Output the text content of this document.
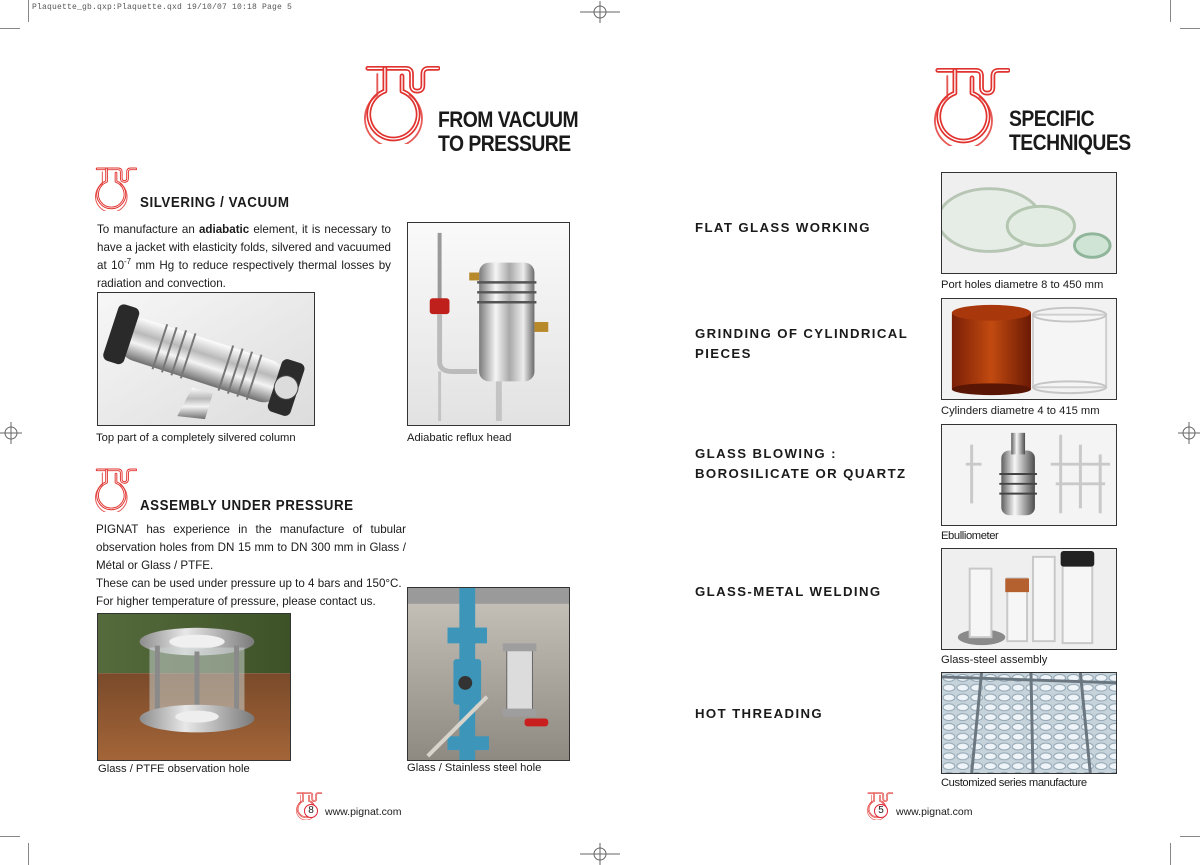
Plaquette_gb.qxp:Plaquette.qxd 19/10/07 10:18 Page 5
FROM VACUUM
TO PRESSURE
SILVERING / VACUUM

To manufacture an adiabatic element, it is necessary to have a jacket with elasticity folds, silvered and vacuumed at $10^{-7}$ mm Hg to reduce respectively thermal losses by radiation and convection.

Top part of a completely silvered column	Adiabatic reflux head
ASSEMBLY UNDER PRESSURE

PIGNAT has experience in the manufacture of tubular observation holes from DN 15 mm to DN 300 mm in Glass / Métal or Glass / PTFE.

These can be used under pressure up to 4 bars and 150°C.

For higher temperature of pressure, please contact us.

Glass / PTFE observation hole	Glass / Stainless steel hole
8	www.pignat.com
SPECIFIC
TECHNIQUES
FLAT GLASS WORKING
GRINDING OF CYLINDRICAL
PIECES
GLASS BLOWING :
BOROSILICATE OR QUARTZ
GLASS-METAL WELDING
HOT THREADING
Port holes diametre 8 to 450 mm
Cylinders diametre 4 to 415 mm
Ebulliometer
Glass-steel assembly
Customized series manufacture
5	www.pignat.com
